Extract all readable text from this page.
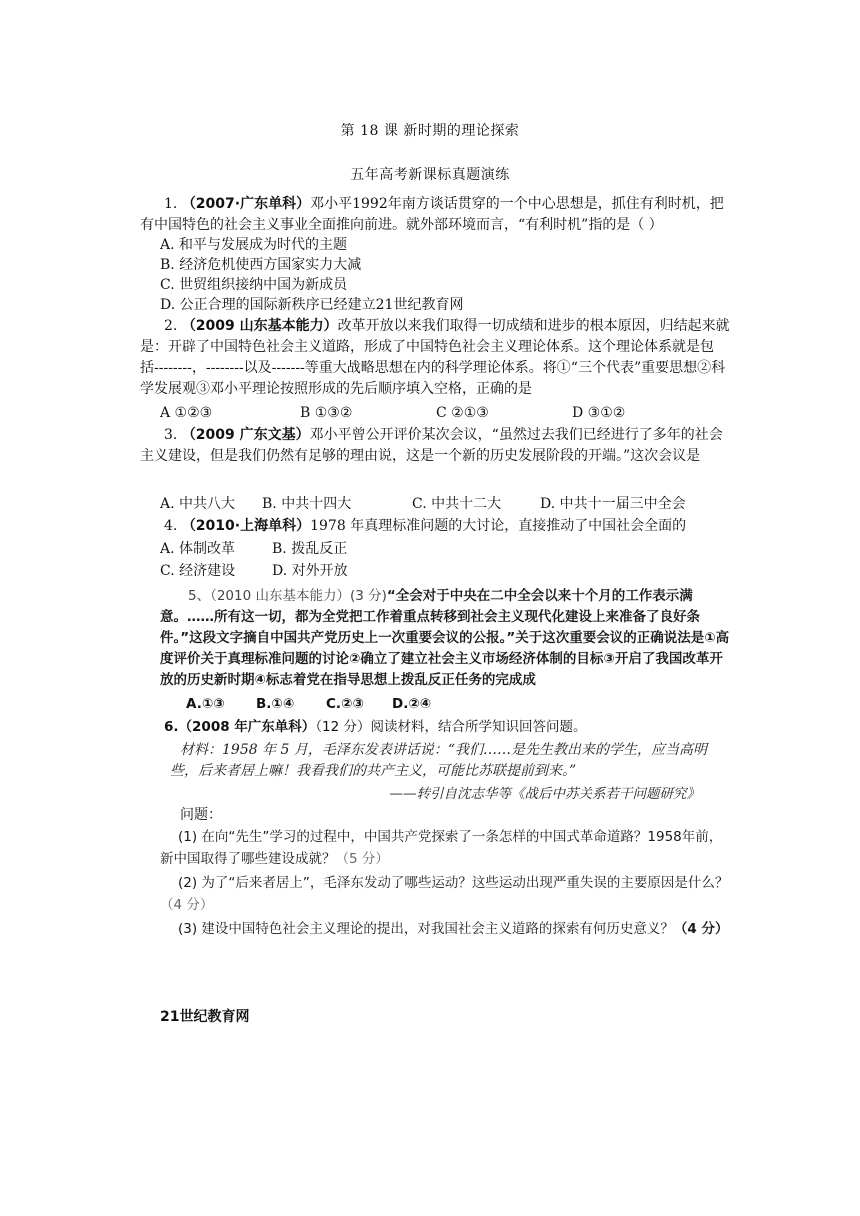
第 18 课 新时期的理论探索
五年高考新课标真题演练
1. （2007·广东单科）邓小平1992年南方谈话贯穿的一个中心思想是，抓住有利时机，把有中国特色的社会主义事业全面推向前进。就外部环境而言，“有利时机”指的是（ ）
A. 和平与发展成为时代的主题
B. 经济危机使西方国家实力大减
C. 世贸组织接纳中国为新成员
D. 公正合理的国际新秩序已经建立21世纪教育网
2. （2009 山东基本能力）改革开放以来我们取得一切成绩和进步的根本原因，归结起来就是：开辟了中国特色社会主义道路，形成了中国特色社会主义理论体系。这个理论体系就是包括--------，--------以及-------等重大战略思想在内的科学理论体系。将①“三个代表”重要思想②科学发展观③邓小平理论按照形成的先后顺序填入空格，正确的是
A ①②③	B ①③②	C ②①③	D ③①②
3. （2009 广东文基）邓小平曾公开评价某次会议，“虽然过去我们已经进行了多年的社会主义建设，但是我们仍然有足够的理由说，这是一个新的历史发展阶段的开端。”这次会议是
A. 中共八大 B. 中共十四大	C. 中共十二大	D. 中共十一届三中全会
4. （2010·上海单科）1978 年真理标准问题的大讨论，直接推动了中国社会全面的
A. 体制改革	B. 拨乱反正
C. 经济建设	D. 对外开放
5、（2010 山东基本能力）(3 分)“全会对于中央在二中全会以来十个月的工作表示满意。……所有这一切，都为全党把工作着重点转移到社会主义现代化建设上来准备了良好条件。”这段文字摘自中国共产党历史上一次重要会议的公报。”关于这次重要会议的正确说法是①高度评价关于真理标准问题的讨论②确立了建立社会主义市场经济体制的目标③开启了我国改革开放的历史新时期④标志着党在指导思想上拨乱反正任务的完成成
A.①③ B.①④ C.②③ D.②④
6.（2008 年广东单科）（12 分）阅读材料，结合所学知识回答问题。
材料：1958 年 5 月，毛泽东发表讲话说：“我们……是先生教出来的学生，应当高明些，后来者居上嘛！我看我们的共产主义，可能比苏联提前到来。”
——转引自沈志华等《战后中苏关系若干问题研究》
问题：
(1) 在向“先生”学习的过程中，中国共产党探索了一条怎样的中国式革命道路？1958年前，新中国取得了哪些建设成就？（5 分）
(2) 为了“后来者居上”，毛泽东发动了哪些运动？这些运动出现严重失误的主要原因是什么？（4 分）
(3) 建设中国特色社会主义理论的提出，对我国社会主义道路的探索有何历史意义？（4 分）
21世纪教育网
